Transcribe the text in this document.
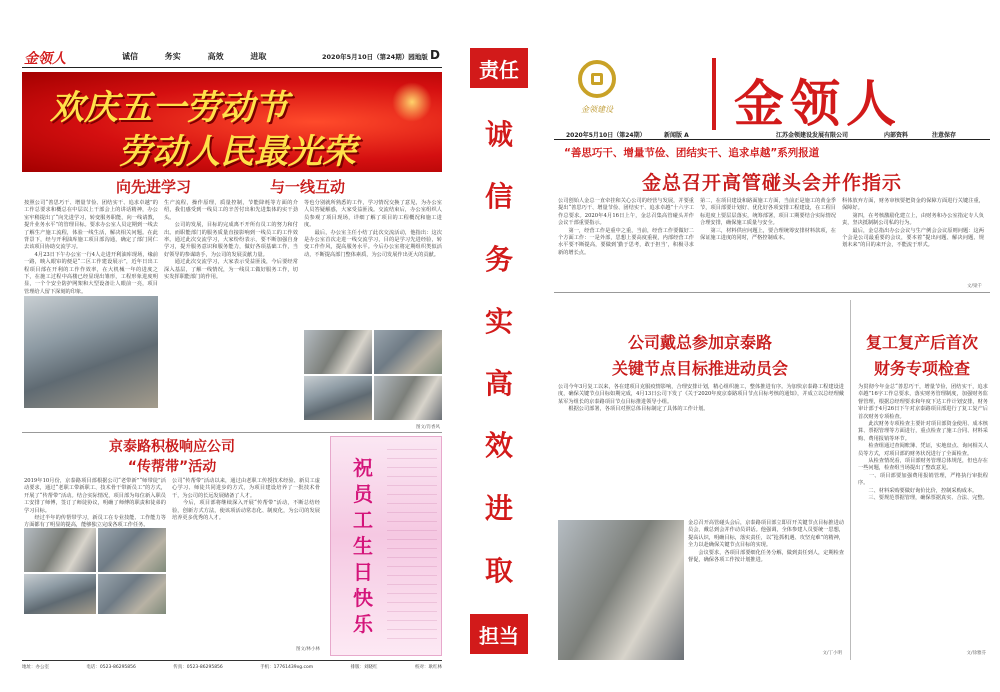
金领人	诚信	务实	高效	进取	2020年5月10日（第24期）园地版 D
欢庆五一劳动节
劳动人民最光荣
向先进学习	与一线互动
按照公司“善思巧干、增量节俭、团结实干、追求卓越”的工作总要求和概总在中层以上干部会上的讲话精神，办公室牢稍提出了“向先进学习，转变服务职能，向一线请教，提升业务水平”的管理目标。要求办公室人员定期到一线去了解生产施工流程，体验一线生活，解决相关问题。在此背景下，经与开利油库施工项目部沟通，确定了部门同仁去该项目协助交流学习。
　　4月23日下午办公室一行4人走进开利油库现场，缘前一路，映入眼帘的便是“二区工作建设展示”，近年日出工程项目部在开利的工作作效率，在大机械一年的进度之下，在施工过程中高楼已经显现出雏形，工程形象进度明显，一个个安全防护网架和大型设备让人眼前一亮，项目管理给人留下深刻的印象。
生产流程，操作原理，质量控制，节能降耗等方面的介绍，我们感受到一线员工的辛苦付出和先进集体的实干劲头。
　　公司的发展，目标的完成离不开所有员工的努力和付出。而职能部门的服务质量直接影响到一线员工的工作效率。通过此次交流学习，大家纷纷表示，要不断加强自身学习，提升服务意识和服务能力，做好各项基础工作，当好领导的参谋助手，为公司的发展贡献力量。
　　通过此次交流学习，大家表示受益匪浅，今后要经常深入基层，了解一线情况，为一线员工做好服务工作，切实发挥职能部门的作用。
等也分别就所熟悉的工作，学习情况交换了意见，为办公室人员答疑解惑，大家受益匪浅。交流结束后，办公室组织人员参观了项目现场，详细了解了项目的工程概况和施工进度。
　　最后，办公室主任小结了此次交流活动，他指出：这次是办公室首次走进一线交流学习，目的是学习先进经验，转变工作作风，提高服务水平。今后办公室将定期组织类似活动，不断提高部门整体素质，为公司发展作出更大的贡献。
图文/肖香风
京泰路积极响应公司
“传帮带”活动
2019年10月份，京泰路项目部根据公司“老带新”“师带徒”活动要求，通过“老职工带新职工、技术骨干带新员工”的方式，开展了“传帮带”活动。结合实际情况，项目部为每位新入职员工安排了师傅，签订了师徒协议，明确了师傅的职责和徒弟的学习目标。
　　经过半年的传帮带学习，新员工在专业技能、工作能力等方面都有了明显的提高，能够独立完成各项工作任务。
公司“传帮带”活动以来，通过由老职工传授技术经验、新员工虚心学习、师徒共同进步的方式，为项目建设培养了一批技术骨干，为公司的长远发展储备了人才。
　　今后，项目部将继续深入开展“传帮带”活动，不断总结经验，创新方式方法，使该项活动常态化、制度化，为公司的发展培养更多优秀的人才。
图文/林小林
祝员工生日快乐
地址：办公室	电话：0523-86295856	传真：0523-86295856	手机：17761439xg.com	排版：刘晓红	校对：耿红林
责任
诚
信
务
实
高
效
进
取
担当
金领建设	金领人
2020年5月10日（第24期）	新闻版 A	江苏金领建设发展有限公司	内部资料	注意保存
“善思巧干、增量节俭、团结实干、追求卓越”系列报道
金总召开高管碰头会并作指示
公司创始人金总一直牵挂和关心公司的经营与发展，并要重提出“善思巧干、增量节俭、团结实干、追求卓越”十六字工作总要求。2020年4月16日上午，金总召集高管碰头并作会议干部重要指示。
　　第一，经营工作是重中之重，当前，经营工作要做好二个方面工作：一是外部，思想上要高度重视，内部经营工作水平要不断提高，要做到‘勤于思考，敢于担当’，积极寻求新的增长点。
第二，在项目建设和路面施工方面，当前正是施工的黄金季节，项目部要计划好、优化好各项安排工程建设，在工程目标进度上要层层落实，统筹部署，项目工期要结合实际情况合理安排，确保施工质量与安全。
　　第三，材料供应问题上，要合理统筹安排材料款项，在保证施工进度的同时，严格控制成本。
科体放弃方面，财务审核要把资金的保障方面进行关键注重，保障好。
　　第四，在考核激励化建立上，由财务和办公室指定专人负责，坚决抵制制公司私的行为。
　　最后，金总指出办公会议与生产例会会议原则问题：这两个会是公司最重要的会议，要本着“提出问题、解决问题、规划未来”的目的来开会，不能流于形式。
文/梁千
公司戴总参加京泰路
关键节点目标推进动员会
公司今年3月复工以来，各在建项目克服疫情影响，合理安排计划，精心组织施工，整体推进有序。为加快京泰路工程建设进度，确保关键节点目标如期完成，4月13日公司下发了《关于2020年度京泰路项目节点目标考核的通知》，并成立以总经理戴某军为组长的京泰路项目节点目标推进领导小组。
　　根据公司部署，各项目对照总体目标制定了具体的工作计划。
金总召开高管碰头会后，京泰路项目部立即召开关键节点目标推进动员会，戴总到会并作动员讲话。他强调，全体参建人员要统一思想，提高认识，明确目标，落实责任，以“抢抓机遇、攻坚克难”的精神，全力以赴确保关键节点目标的实现。
　　会议要求，各项目部要细化任务分解，做到责任到人，定期检查督促，确保各项工作按计划推进。
文/丁小明
复工复产后首次
财务专项检查
为贯彻今年金总“善思巧干，增量节俭，团结实干，追求卓越”16字工作总要求，落实财务管理制度，加强财务监督管理，根据总经理要求和年度下达工作计划安排，财务审计部于4月26日下午对京泰路项目部进行了复工复产后首次财务专项检查。
　　此次财务专项检查主要针对项目部资金使用、成本核算、票据管理等方面进行，重点检查了施工合同、材料采购、费用报销等环节。
　　检查组通过查阅账簿、凭证，实地盘点、询问相关人员等方式，对项目部的财务状况进行了全面检查。
　　从检查情况看，项目部财务管理总体规范，但也存在一些问题，检查组当场提出了整改意见。
　　一、项目部要加强费用报销管理，严格执行审批程序。
　　二、材料采购要做好询价比价，控制采购成本。
　　三、要规范票据管理，确保票据真实、合法、完整。
文/徐雅芬
